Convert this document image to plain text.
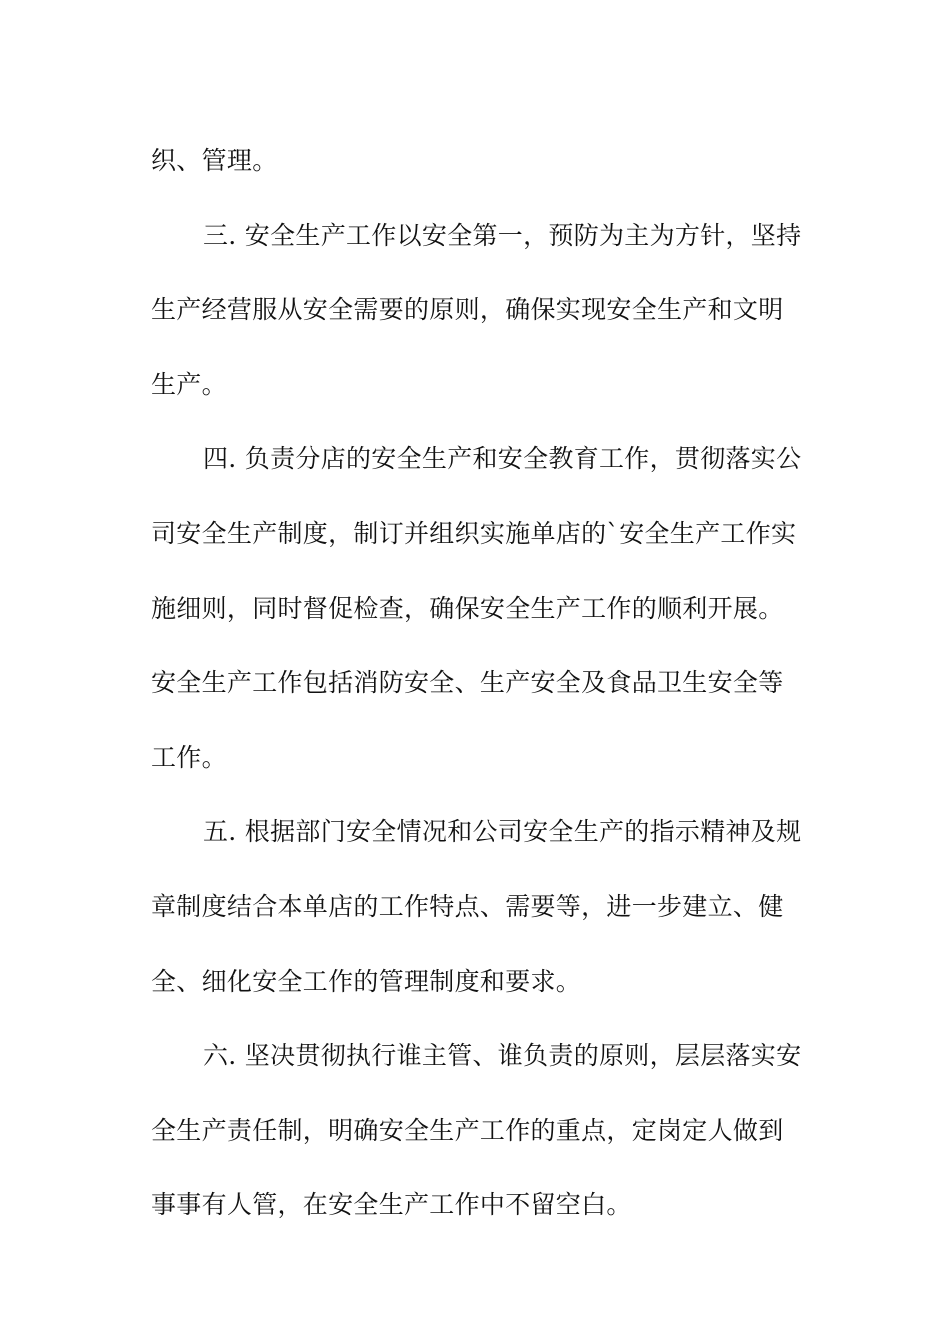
织、管理。
三. 安全生产工作以安全第一，预防为主为方针，坚持
生产经营服从安全需要的原则，确保实现安全生产和文明
生产。
四. 负责分店的安全生产和安全教育工作，贯彻落实公
司安全生产制度，制订并组织实施单店的`安全生产工作实
施细则，同时督促检查，确保安全生产工作的顺利开展。
安全生产工作包括消防安全、生产安全及食品卫生安全等
工作。
五. 根据部门安全情况和公司安全生产的指示精神及规
章制度结合本单店的工作特点、需要等，进一步建立、健
全、细化安全工作的管理制度和要求。
六. 坚决贯彻执行谁主管、谁负责的原则，层层落实安
全生产责任制，明确安全生产工作的重点，定岗定人做到
事事有人管，在安全生产工作中不留空白。
